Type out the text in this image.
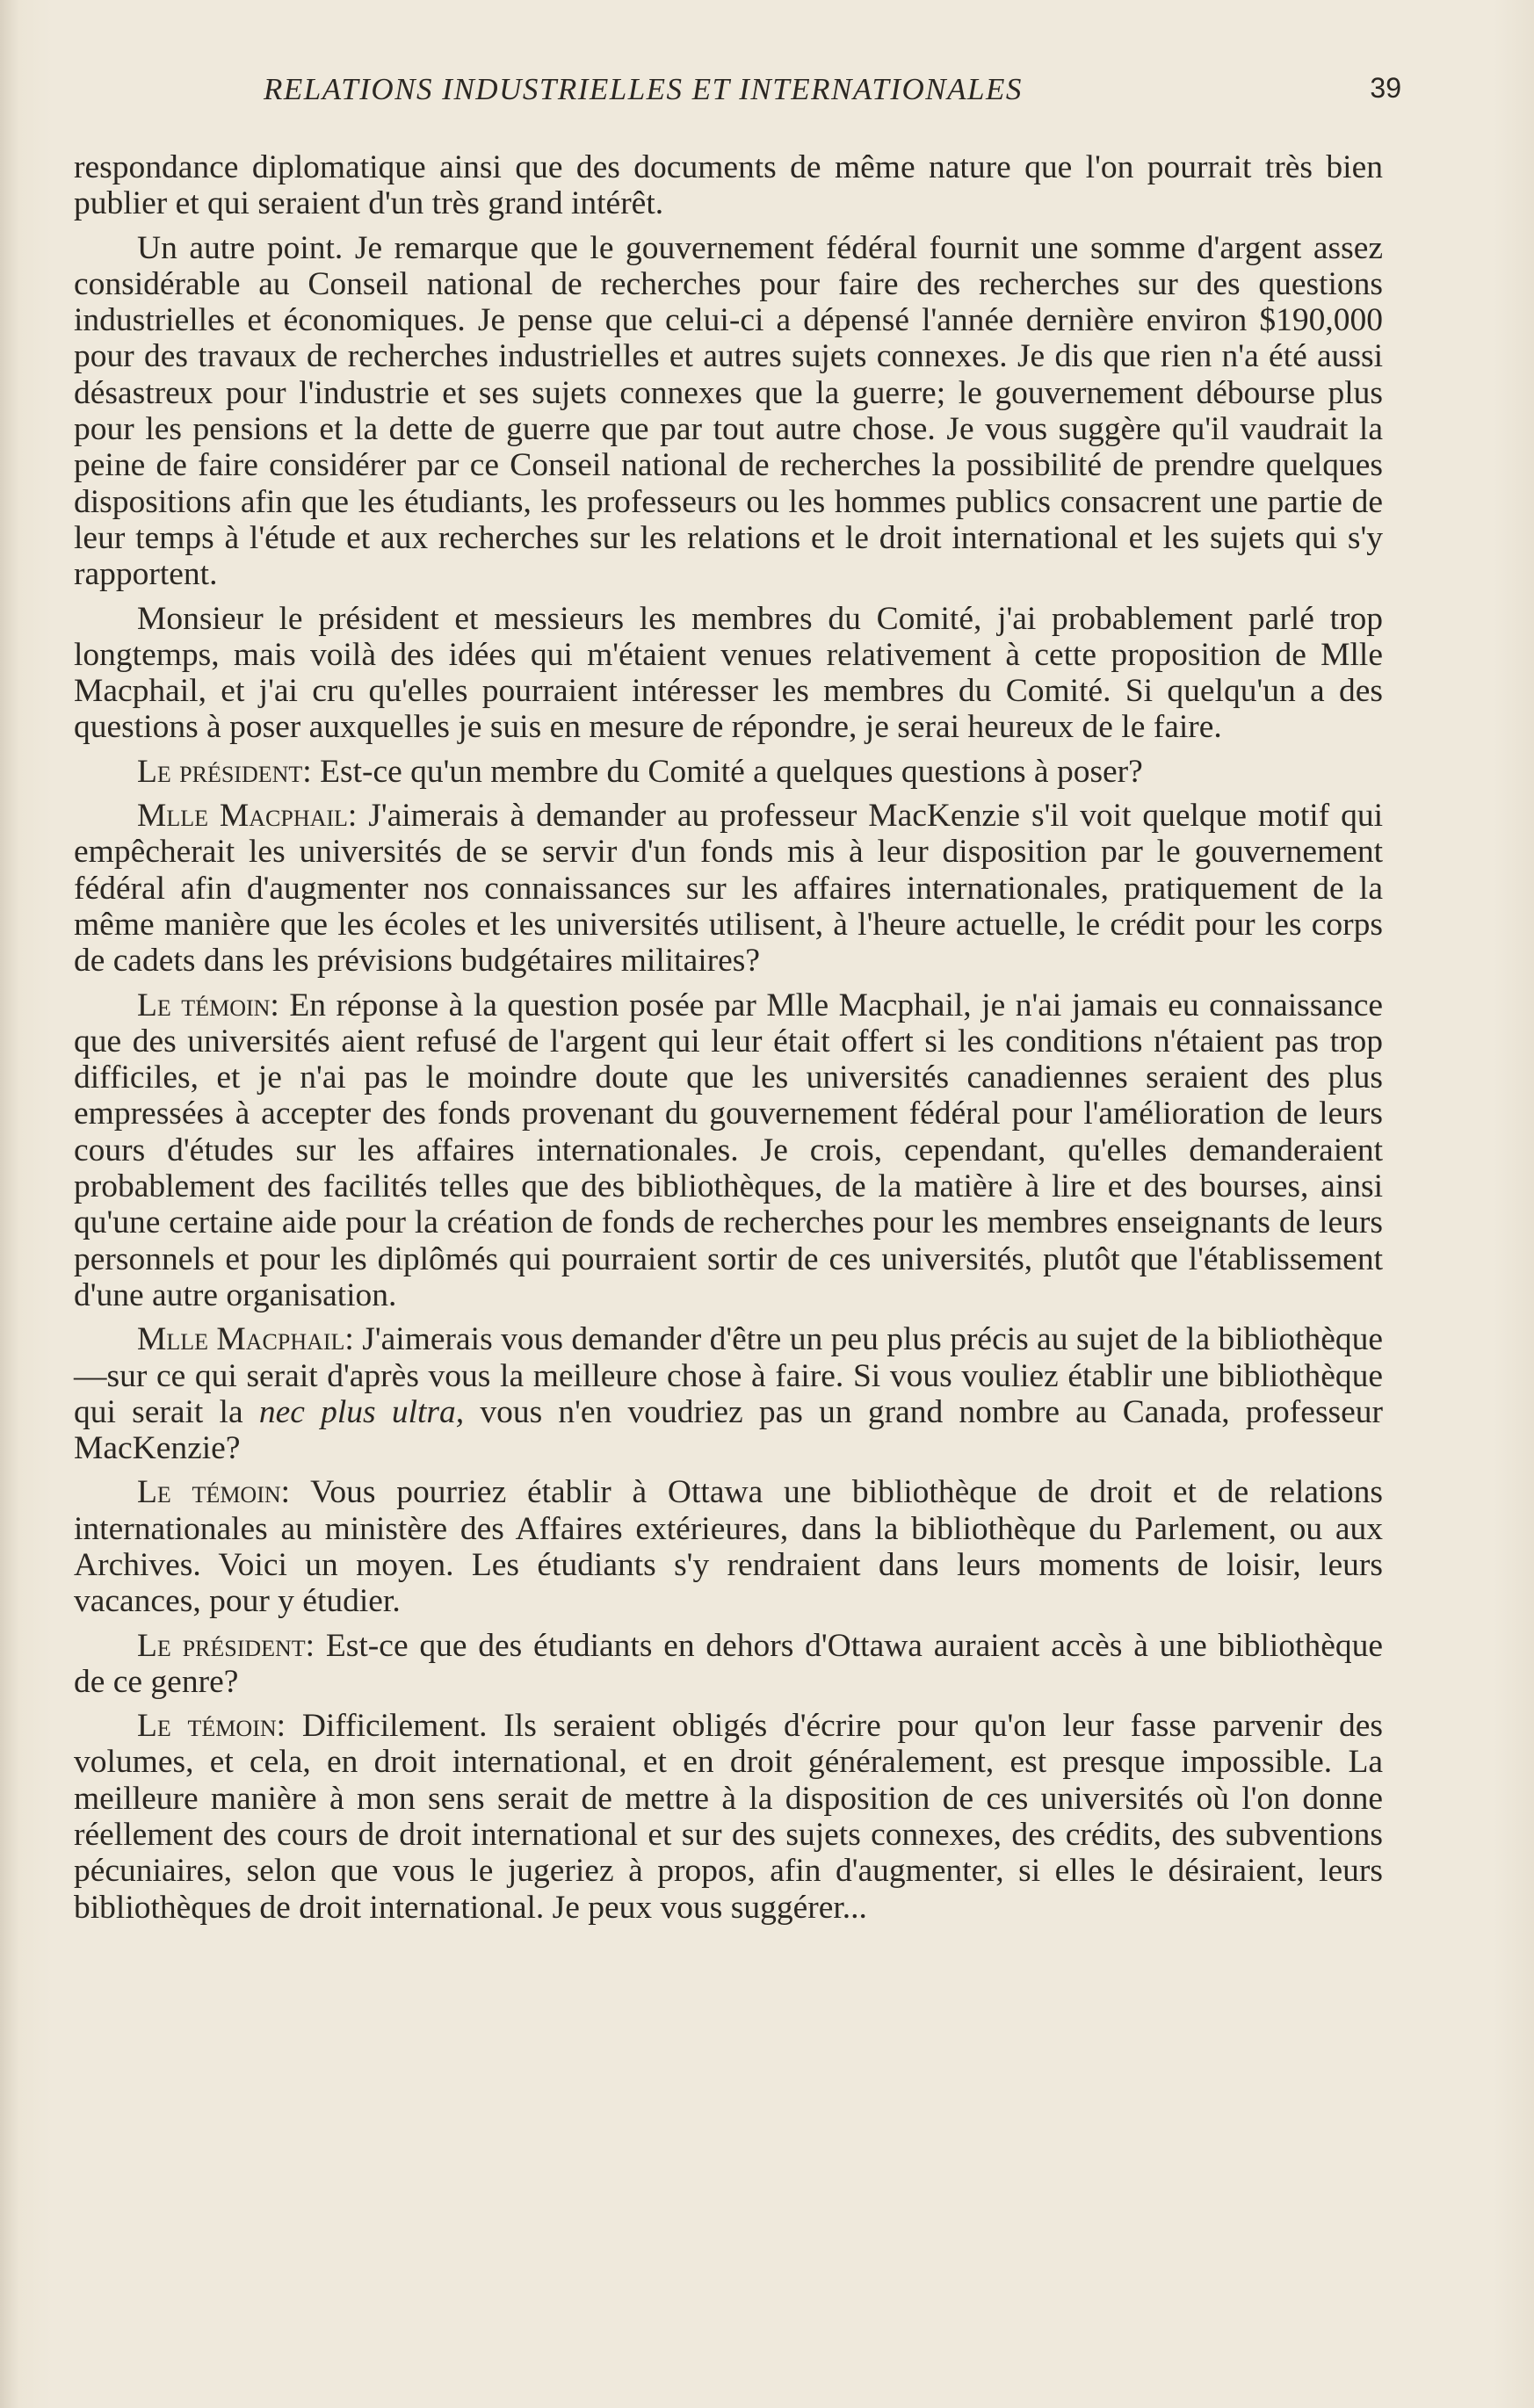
RELATIONS INDUSTRIELLES ET INTERNATIONALES	39

respondance diplomatique ainsi que des documents de même nature que l'on pourrait très bien publier et qui seraient d'un très grand intérêt.

Un autre point. Je remarque que le gouvernement fédéral fournit une somme d'argent assez considérable au Conseil national de recherches pour faire des recherches sur des questions industrielles et économiques. Je pense que celui-ci a dépensé l'année dernière environ $190,000 pour des travaux de recherches industrielles et autres sujets connexes. Je dis que rien n'a été aussi désastreux pour l'industrie et ses sujets connexes que la guerre; le gouvernement débourse plus pour les pensions et la dette de guerre que par tout autre chose. Je vous suggère qu'il vaudrait la peine de faire considérer par ce Conseil national de recherches la possibilité de prendre quelques dispositions afin que les étudiants, les professeurs ou les hommes publics consacrent une partie de leur temps à l'étude et aux recherches sur les relations et le droit international et les sujets qui s'y rapportent.

Monsieur le président et messieurs les membres du Comité, j'ai probablement parlé trop longtemps, mais voilà des idées qui m'étaient venues relativement à cette proposition de Mlle Macphail, et j'ai cru qu'elles pourraient intéresser les membres du Comité. Si quelqu'un a des questions à poser auxquelles je suis en mesure de répondre, je serai heureux de le faire.

Le président: Est-ce qu'un membre du Comité a quelques questions à poser?

Mlle Macphail: J'aimerais à demander au professeur MacKenzie s'il voit quelque motif qui empêcherait les universités de se servir d'un fonds mis à leur disposition par le gouvernement fédéral afin d'augmenter nos connaissances sur les affaires internationales, pratiquement de la même manière que les écoles et les universités utilisent, à l'heure actuelle, le crédit pour les corps de cadets dans les prévisions budgétaires militaires?

Le témoin: En réponse à la question posée par Mlle Macphail, je n'ai jamais eu connaissance que des universités aient refusé de l'argent qui leur était offert si les conditions n'étaient pas trop difficiles, et je n'ai pas le moindre doute que les universités canadiennes seraient des plus empressées à accepter des fonds provenant du gouvernement fédéral pour l'amélioration de leurs cours d'études sur les affaires internationales. Je crois, cependant, qu'elles demanderaient probablement des facilités telles que des bibliothèques, de la matière à lire et des bourses, ainsi qu'une certaine aide pour la création de fonds de recherches pour les membres enseignants de leurs personnels et pour les diplômés qui pourraient sortir de ces universités, plutôt que l'établissement d'une autre organisation.

Mlle Macphail: J'aimerais vous demander d'être un peu plus précis au sujet de la bibliothèque—sur ce qui serait d'après vous la meilleure chose à faire. Si vous vouliez établir une bibliothèque qui serait la nec plus ultra, vous n'en voudriez pas un grand nombre au Canada, professeur MacKenzie?

Le témoin: Vous pourriez établir à Ottawa une bibliothèque de droit et de relations internationales au ministère des Affaires extérieures, dans la bibliothèque du Parlement, ou aux Archives. Voici un moyen. Les étudiants s'y rendraient dans leurs moments de loisir, leurs vacances, pour y étudier.

Le président: Est-ce que des étudiants en dehors d'Ottawa auraient accès à une bibliothèque de ce genre?

Le témoin: Difficilement. Ils seraient obligés d'écrire pour qu'on leur fasse parvenir des volumes, et cela, en droit international, et en droit généralement, est presque impossible. La meilleure manière à mon sens serait de mettre à la disposition de ces universités où l'on donne réellement des cours de droit international et sur des sujets connexes, des crédits, des subventions pécuniaires, selon que vous le jugeriez à propos, afin d'augmenter, si elles le désiraient, leurs bibliothèques de droit international. Je peux vous suggérer...
